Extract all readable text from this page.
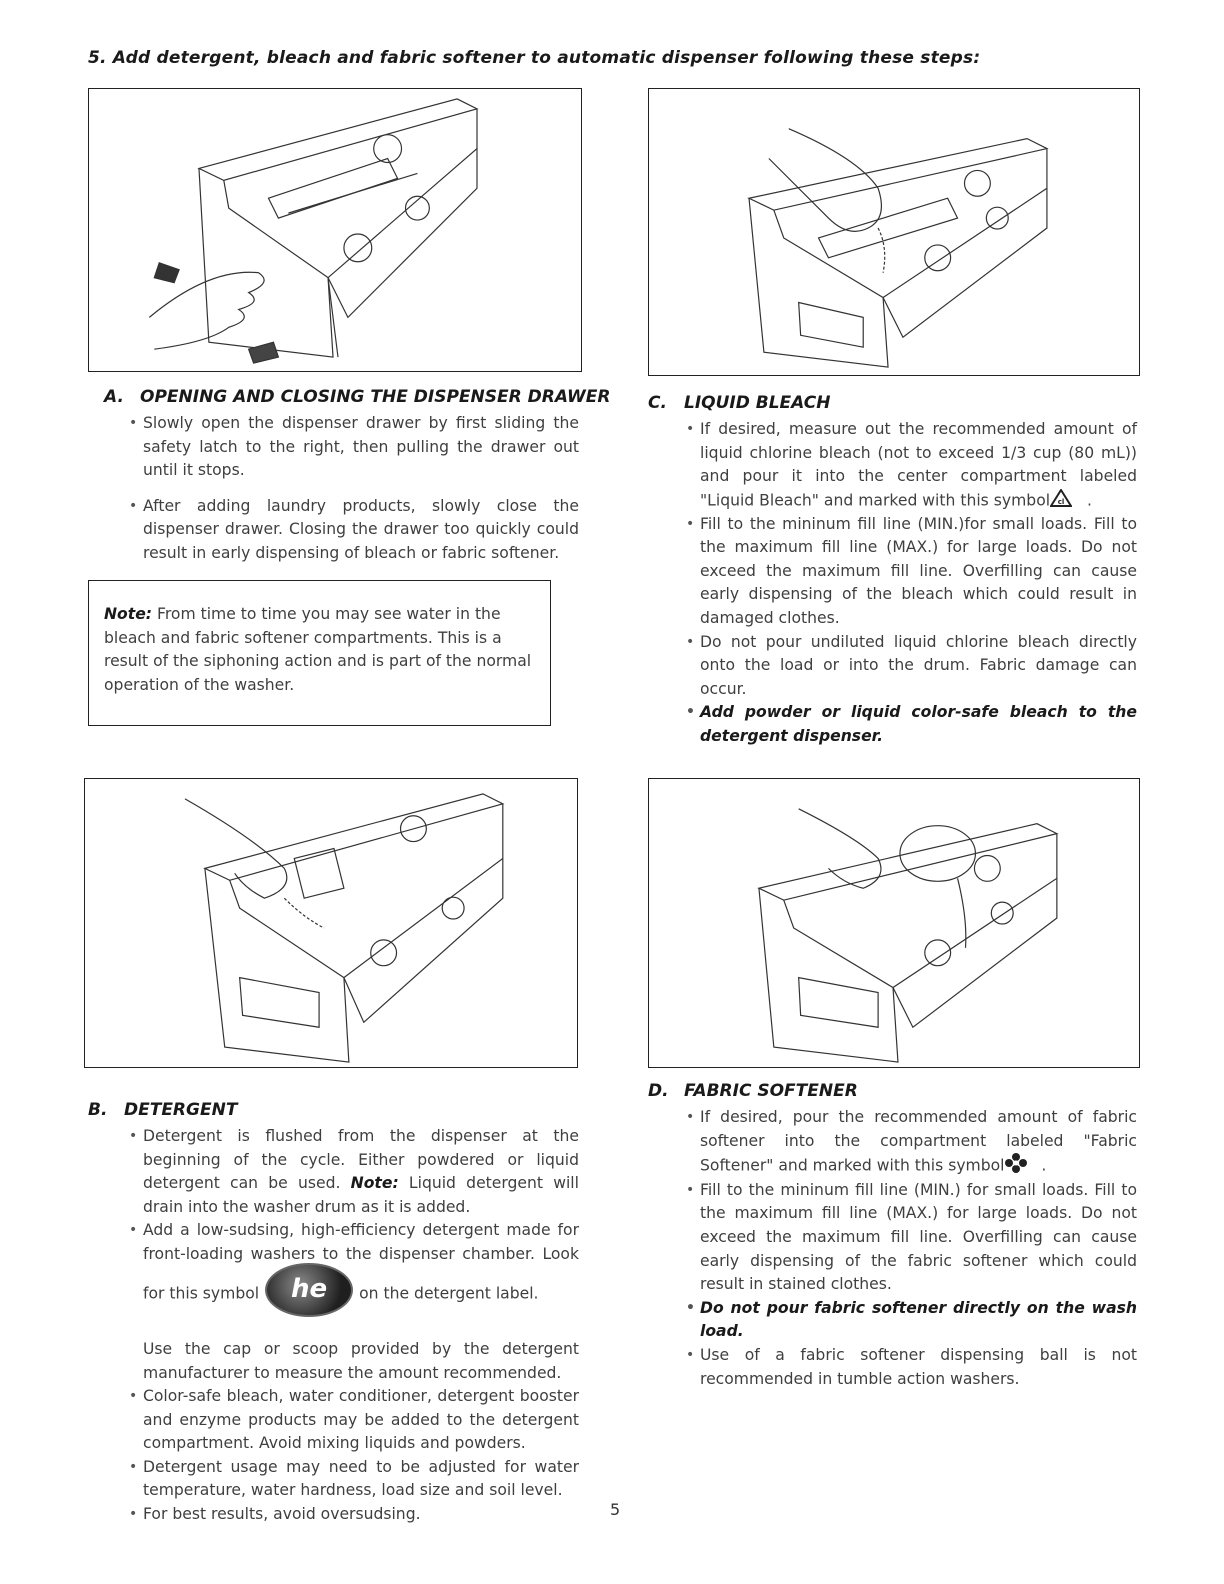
5. Add detergent, bleach and fabric softener to automatic dispenser following these steps:
A. OPENING AND CLOSING THE DISPENSER DRAWER
• Slowly open the dispenser drawer by first sliding the safety latch to the right, then pulling the drawer out until it stops.
• After adding laundry products, slowly close the dispenser drawer. Closing the drawer too quickly could result in early dispensing of bleach or fabric softener.
Note: From time to time you may see water in the bleach and fabric softener compartments. This is a result of the siphoning action and is part of the normal operation of the washer.
C. LIQUID BLEACH
• If desired, measure out the recommended amount of liquid chlorine bleach (not to exceed 1/3 cup (80 mL)) and pour it into the center compartment labeled "Liquid Bleach" and marked with this symbol cl .
• Fill to the mininum fill line (MIN.)for small loads. Fill to the maximum fill line (MAX.) for large loads. Do not exceed the maximum fill line. Overfilling can cause early dispensing of the bleach which could result in damaged clothes.
• Do not pour undiluted liquid chlorine bleach directly onto the load or into the drum. Fabric damage can occur.
• Add powder or liquid color-safe bleach to the detergent dispenser.
D. FABRIC SOFTENER
• If desired, pour the recommended amount of fabric softener into the compartment labeled "Fabric Softener" and marked with this symbol .
• Fill to the mininum fill line (MIN.) for small loads. Fill to the maximum fill line (MAX.) for large loads. Do not exceed the maximum fill line. Overfilling can cause early dispensing of the fabric softener which could result in stained clothes.
• Do not pour fabric softener directly on the wash load.
• Use of a fabric softener dispensing ball is not recommended in tumble action washers.
B. DETERGENT
• Detergent is flushed from the dispenser at the beginning of the cycle. Either powdered or liquid detergent can be used. Note: Liquid detergent will drain into the washer drum as it is added.
• Add a low-sudsing, high-efficiency detergent made for front-loading washers to the dispenser chamber. Look for this symbol he on the detergent label.
Use the cap or scoop provided by the detergent manufacturer to measure the amount recommended.
• Color-safe bleach, water conditioner, detergent booster and enzyme products may be added to the detergent compartment. Avoid mixing liquids and powders.
• Detergent usage may need to be adjusted for water temperature, water hardness, load size and soil level.
• For best results, avoid oversudsing.	5
